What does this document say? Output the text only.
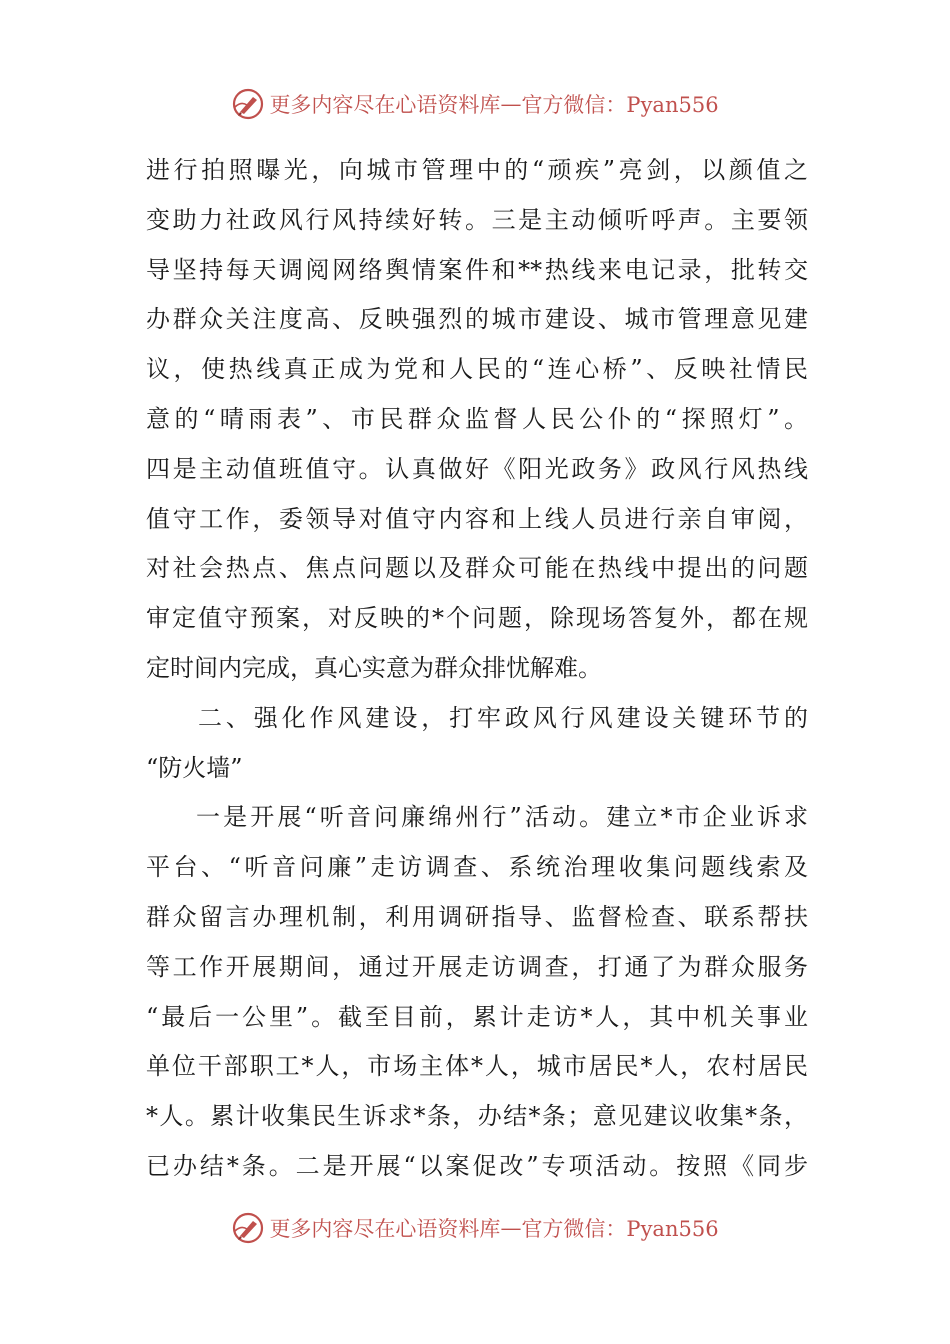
更多内容尽在心语资料库 — 官方微信：Pyan556
进行拍照曝光，向城市管理中的“顽疾”亮剑，以颜值之
变助力社政风行风持续好转。三是主动倾听呼声。主要领
导坚持每天调阅网络舆情案件和**热线来电记录，批转交
办群众关注度高、反映强烈的城市建设、城市管理意见建
议，使热线真正成为党和人民的“连心桥”、反映社情民
意的“晴雨表”、市民群众监督人民公仆的“探照灯”。
四是主动值班值守。认真做好《阳光政务》政风行风热线
值守工作，委领导对值守内容和上线人员进行亲自审阅，
对社会热点、焦点问题以及群众可能在热线中提出的问题
审定值守预案，对反映的*个问题，除现场答复外，都在规
定时间内完成，真心实意为群众排忧解难。
二、强化作风建设，打牢政风行风建设关键环节的
“防火墙”
一是开展“听音问廉绵州行”活动。建立*市企业诉求
平台、“听音问廉”走访调查、系统治理收集问题线索及
群众留言办理机制，利用调研指导、监督检查、联系帮扶
等工作开展期间，通过开展走访调查，打通了为群众服务
“最后一公里”。截至目前，累计走访*人，其中机关事业
单位干部职工*人，市场主体*人，城市居民*人，农村居民
*人。累计收集民生诉求*条，办结*条；意见建议收集*条，
已办结*条。二是开展“以案促改”专项活动。按照《同步
更多内容尽在心语资料库 — 官方微信：Pyan556
